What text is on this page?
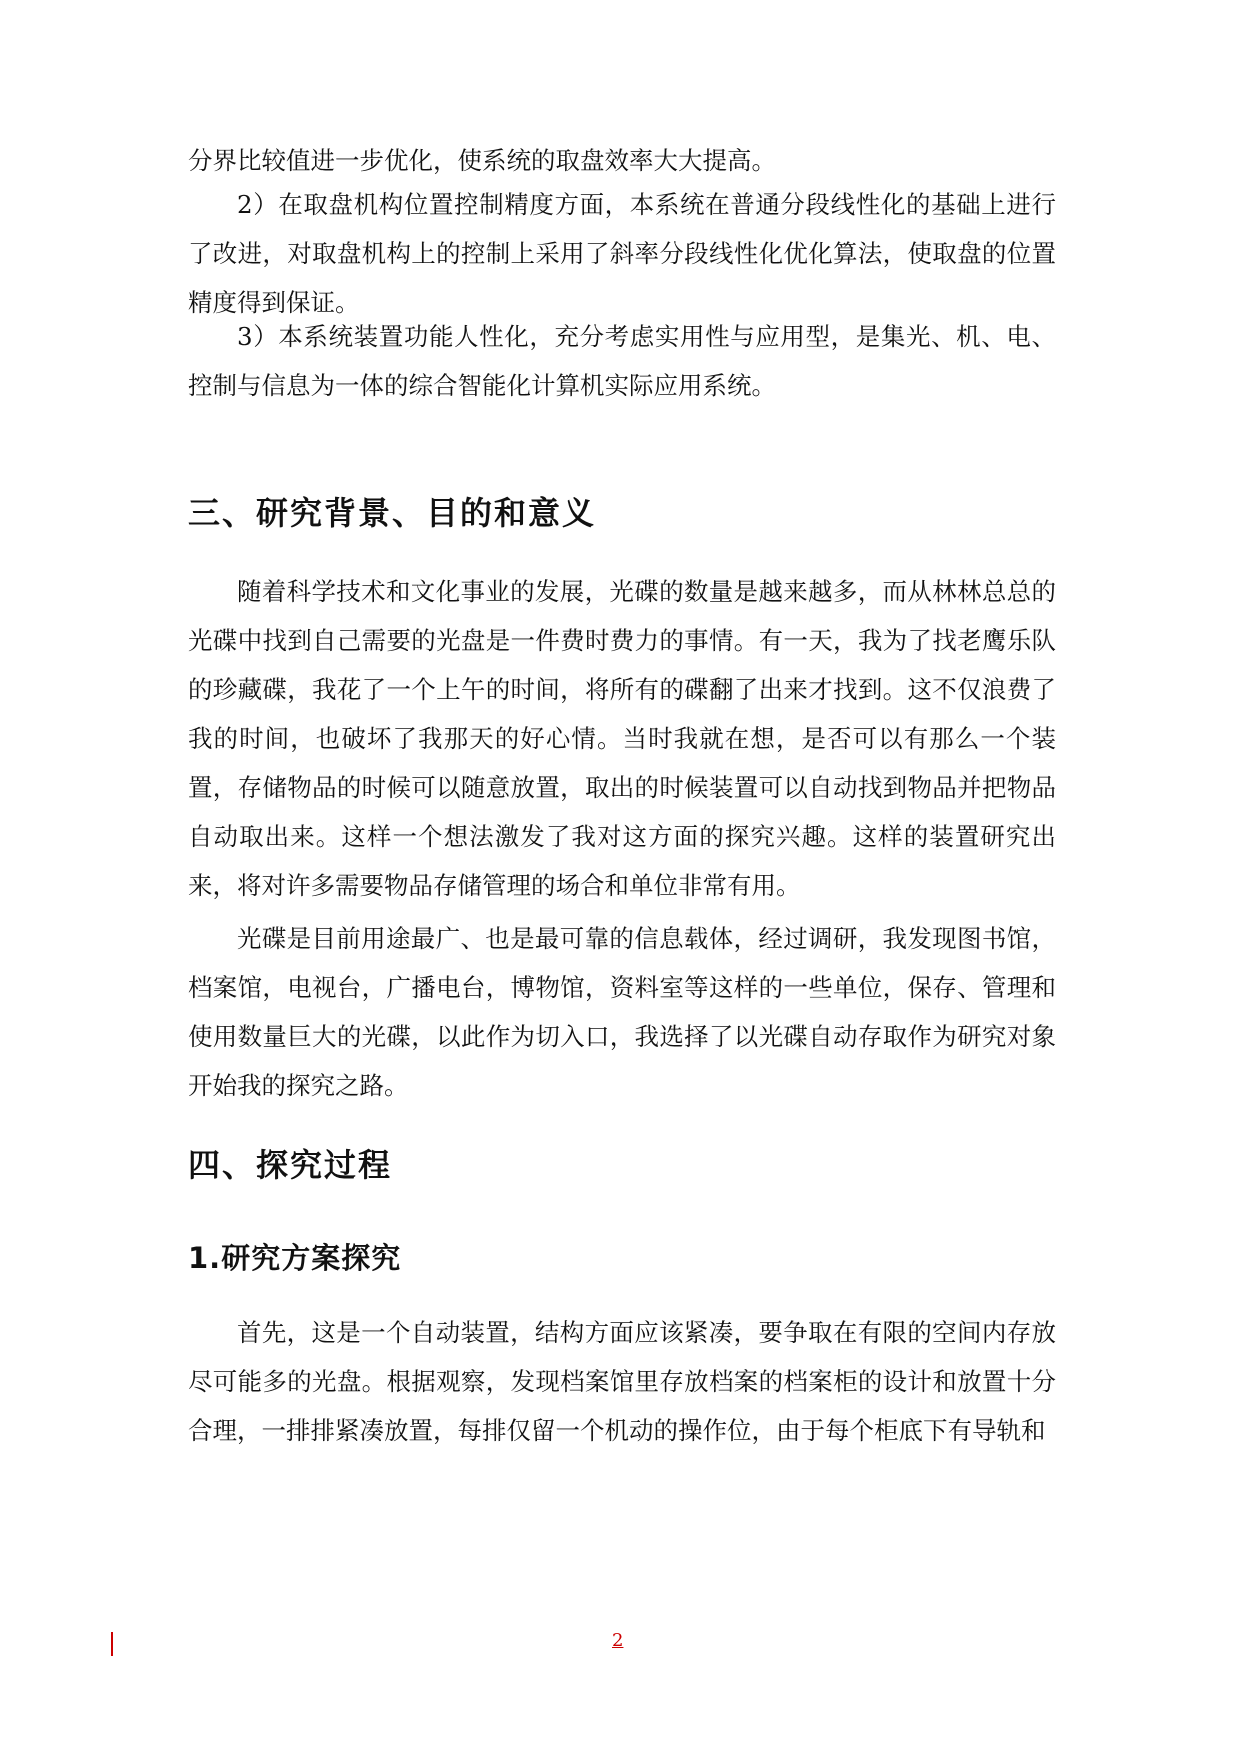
分界比较值进一步优化，使系统的取盘效率大大提高。

2）在取盘机构位置控制精度方面，本系统在普通分段线性化的基础上进行了改进，对取盘机构上的控制上采用了斜率分段线性化优化算法，使取盘的位置精度得到保证。

3）本系统装置功能人性化，充分考虑实用性与应用型，是集光、机、电、控制与信息为一体的综合智能化计算机实际应用系统。

三、研究背景、目的和意义

随着科学技术和文化事业的发展，光碟的数量是越来越多，而从林林总总的光碟中找到自己需要的光盘是一件费时费力的事情。有一天，我为了找老鹰乐队的珍藏碟，我花了一个上午的时间，将所有的碟翻了出来才找到。这不仅浪费了我的时间，也破坏了我那天的好心情。当时我就在想，是否可以有那么一个装置，存储物品的时候可以随意放置，取出的时候装置可以自动找到物品并把物品自动取出来。这样一个想法激发了我对这方面的探究兴趣。这样的装置研究出来，将对许多需要物品存储管理的场合和单位非常有用。

光碟是目前用途最广、也是最可靠的信息载体，经过调研，我发现图书馆，档案馆，电视台，广播电台，博物馆，资料室等这样的一些单位，保存、管理和使用数量巨大的光碟，以此作为切入口，我选择了以光碟自动存取作为研究对象开始我的探究之路。

四、探究过程
1.研究方案探究

首先，这是一个自动装置，结构方面应该紧凑，要争取在有限的空间内存放尽可能多的光盘。根据观察，发现档案馆里存放档案的档案柜的设计和放置十分合理，一排排紧凑放置，每排仅留一个机动的操作位，由于每个柜底下有导轨和

2
